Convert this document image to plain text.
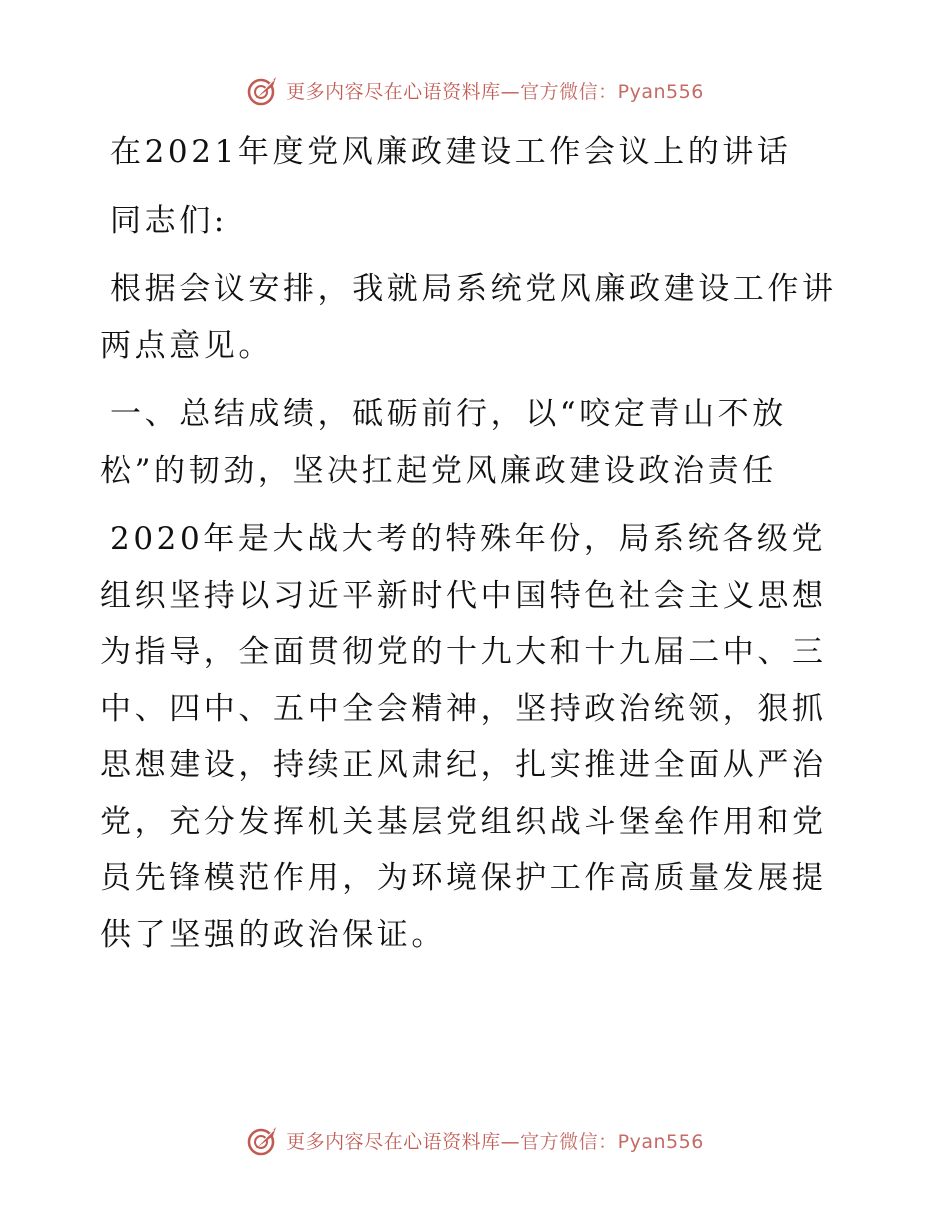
更多内容尽在心语资料库—官方微信：Pyan556

在2021年度党风廉政建设工作会议上的讲话

同志们:

根据会议安排，我就局系统党风廉政建设工作讲两点意见。

一、总结成绩，砥砺前行，以“咬定青山不放松”的韧劲，坚决扛起党风廉政建设政治责任

2020年是大战大考的特殊年份，局系统各级党组织坚持以习近平新时代中国特色社会主义思想为指导，全面贯彻党的十九大和十九届二中、三中、四中、五中全会精神，坚持政治统领，狠抓思想建设，持续正风肃纪，扎实推进全面从严治党，充分发挥机关基层党组织战斗堡垒作用和党员先锋模范作用，为环境保护工作高质量发展提供了坚强的政治保证。

更多内容尽在心语资料库—官方微信：Pyan556
